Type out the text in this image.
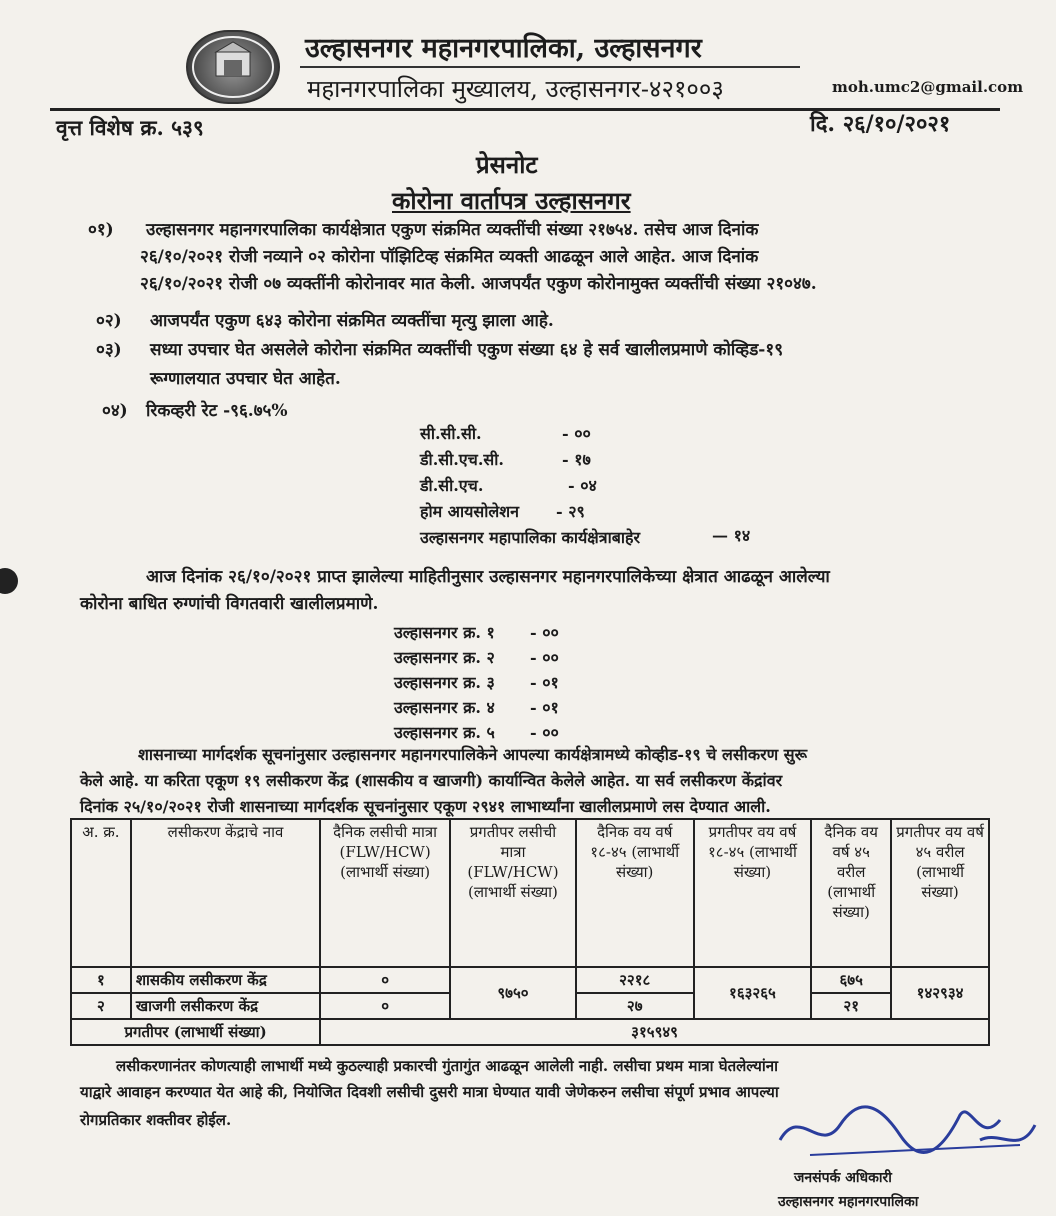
उल्हासनगर महानगरपालिका, उल्हासनगर
महानगरपालिका मुख्यालय, उल्हासनगर-४२१००३	moh.umc2@gmail.com
वृत्त विशेष क्र. ५३९	दि. २६/१०/२०२१
प्रेसनोट
कोरोना वार्तापत्र उल्हासनगर
०१) उल्हासनगर महानगरपालिका कार्यक्षेत्रात एकुण संक्रमित व्यक्तींची संख्या २१७५४. तसेच आज दिनांक
२६/१०/२०२१ रोजी नव्याने ०२ कोरोना पॉझिटिव्ह संक्रमित व्यक्ती आढळून आले आहेत. आज दिनांक
२६/१०/२०२१ रोजी ०७ व्यक्तींनी कोरोनावर मात केली. आजपर्यंत एकुण कोरोनामुक्त व्यक्तींची संख्या २१०४७.
०२) आजपर्यंत एकुण ६४३ कोरोना संक्रमित व्यक्तींचा मृत्यु झाला आहे.
०३) सध्या उपचार घेत असलेले कोरोना संक्रमित व्यक्तींची एकुण संख्या ६४ हे सर्व खालीलप्रमाणे कोव्हिड-१९
रूग्णालयात उपचार घेत आहेत.
०४) रिकव्हरी रेट -९६.७५%
सी.सी.सी.	- ००
डी.सी.एच.सी.	- १७
डी.सी.एच.	- ०४
होम आयसोलेशन - २९
उल्हासनगर महापालिका कार्यक्षेत्राबाहेर	— १४
आज दिनांक २६/१०/२०२१ प्राप्त झालेल्या माहितीनुसार उल्हासनगर महानगरपालिकेच्या क्षेत्रात आढळून आलेल्या
कोरोना बाधित रुग्णांची विगतवारी खालीलप्रमाणे.
उल्हासनगर क्र. १ - ००
उल्हासनगर क्र. २ - ००
उल्हासनगर क्र. ३ - ०१
उल्हासनगर क्र. ४ - ०१
उल्हासनगर क्र. ५ - ००
शासनाच्या मार्गदर्शक सूचनांनुसार उल्हासनगर महानगरपालिकेने आपल्या कार्यक्षेत्रामध्ये कोव्हीड-१९ चे लसीकरण सुरू
केले आहे. या करिता एकूण १९ लसीकरण केंद्र (शासकीय व खाजगी) कार्यान्वित केलेले आहेत. या सर्व लसीकरण केंद्रांवर
दिनांक २५/१०/२०२१ रोजी शासनाच्या मार्गदर्शक सूचनांनुसार एकूण २९४१ लाभार्थ्यांना खालीलप्रमाणे लस देण्यात आली.
अ. क्र.	लसीकरण केंद्राचे नाव	दैनिक लसीची मात्रा (FLW/HCW) (लाभार्थी संख्या)	प्रगतीपर लसीची मात्रा (FLW/HCW) (लाभार्थी संख्या)	दैनिक वय वर्ष १८-४५ (लाभार्थी संख्या)	प्रगतीपर वय वर्ष १८-४५ (लाभार्थी संख्या)	दैनिक वय वर्ष ४५ वरील (लाभार्थी संख्या)	प्रगतीपर वय वर्ष ४५ वरील (लाभार्थी संख्या)
१	शासकीय लसीकरण केंद्र	०	९७५०	२२१८	१६३२६५	६७५	१४२९३४
२	खाजगी लसीकरण केंद्र	०		२७		२१	
प्रगतीपर (लाभार्थी संख्या)		३१५९४९					
लसीकरणानंतर कोणत्याही लाभार्थी मध्ये कुठल्याही प्रकारची गुंतागुंत आढळून आलेली नाही. लसीचा प्रथम मात्रा घेतलेल्यांना
याद्वारे आवाहन करण्यात येत आहे की, नियोजित दिवशी लसीची दुसरी मात्रा घेण्यात यावी जेणेकरुन लसीचा संपूर्ण प्रभाव आपल्या
रोगप्रतिकार शक्तीवर होईल.
जनसंपर्क अधिकारी
उल्हासनगर महानगरपालिका
